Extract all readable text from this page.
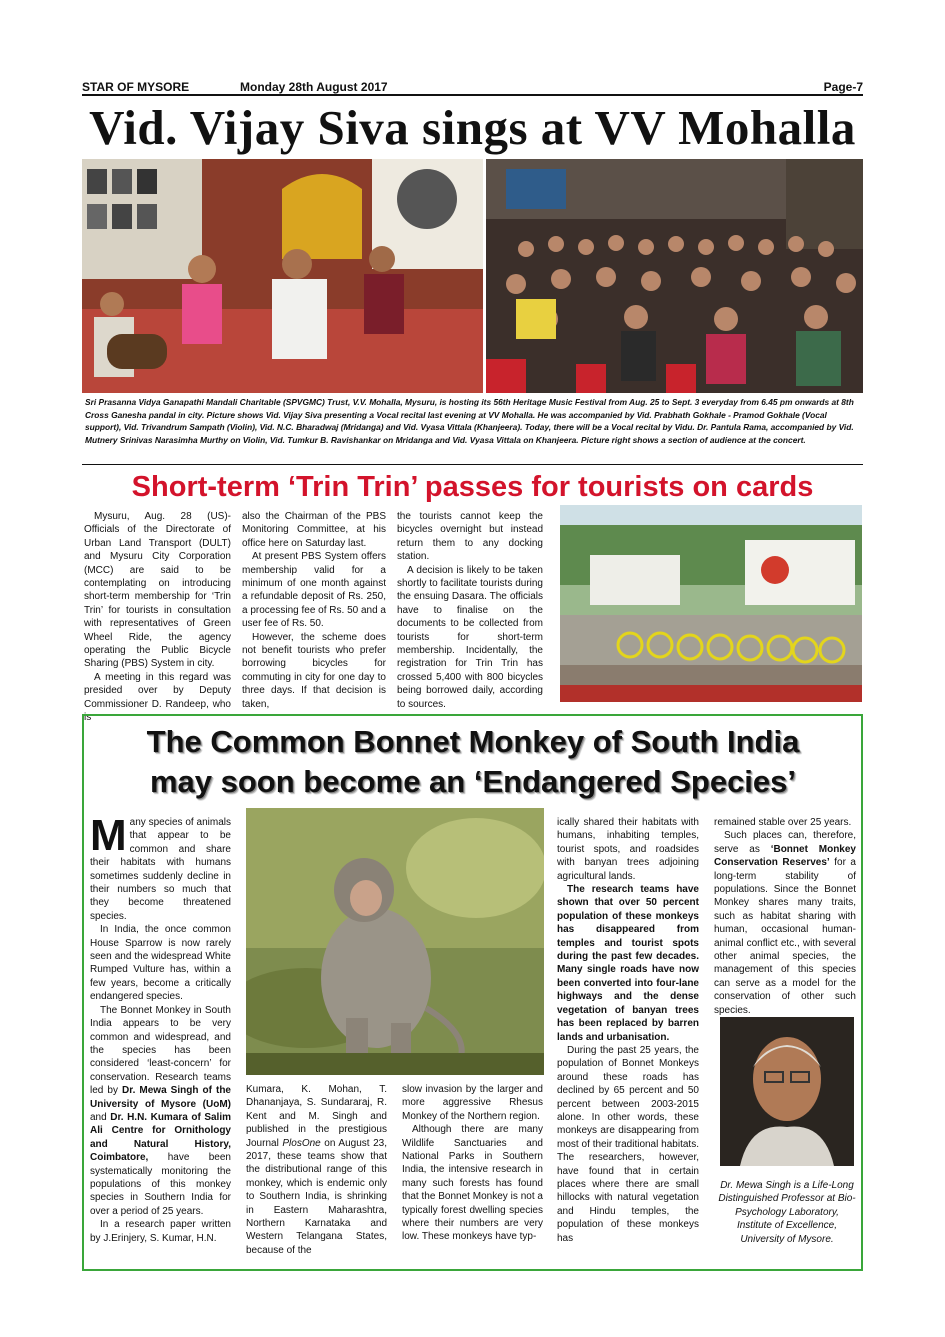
STAR OF MYSORE	Monday 28th August 2017	Page-7
Vid. Vijay Siva sings at VV Mohalla
Sri Prasanna Vidya Ganapathi Mandali Charitable (SPVGMC) Trust, V.V. Mohalla, Mysuru, is hosting its 56th Heritage Music Festival from Aug. 25 to Sept. 3 everyday from 6.45 pm onwards at 8th Cross Ganesha pandal in city. Picture shows Vid. Vijay Siva presenting a Vocal recital last evening at VV Mohalla. He was accompanied by Vid. Prabhath Gokhale - Pramod Gokhale (Vocal support), Vid. Trivandrum Sampath (Violin), Vid. N.C. Bharadwaj (Mridanga) and Vid. Vyasa Vittala (Khanjeera). Today, there will be a Vocal recital by Vidu. Dr. Pantula Rama, accompanied by Vid. Mutnery Srinivas Narasimha Murthy on Violin, Vid. Tumkur B. Ravishankar on Mridanga and Vid. Vyasa Vittala on Khanjeera. Picture right shows a section of audience at the concert.
Short-term ‘Trin Trin’ passes for tourists on cards

Mysuru, Aug. 28 (US)- Officials of the Directorate of Urban Land Transport (DULT) and Mysuru City Corporation (MCC) are said to be contemplating on introducing short-term membership for ‘Trin Trin’ for tourists in consultation with representatives of Green Wheel Ride, the agency operating the Public Bicycle Sharing (PBS) System in city.

A meeting in this regard was presided over by Deputy Commissioner D. Randeep, who is

also the Chairman of the PBS Monitoring Committee, at his office here on Saturday last.

At present PBS System offers membership valid for a minimum of one month against a refundable deposit of Rs. 250, a processing fee of Rs. 50 and a user fee of Rs. 50.

However, the scheme does not benefit tourists who prefer borrowing bicycles for commuting in city for one day to three days. If that decision is taken,

the tourists cannot keep the bicycles overnight but instead return them to any docking station.

A decision is likely to be taken shortly to facilitate tourists during the ensuing Dasara. The officials have to finalise on the documents to be collected from tourists for short-term membership. Incidentally, the registration for Trin Trin has crossed 5,400 with 800 bicycles being borrowed daily, according to sources.

The Common Bonnet Monkey of South India
may soon become an ‘Endangered Species’

Many species of animals that appear to be common and share their habitats with humans sometimes suddenly decline in their numbers so much that they become threatened species.

In India, the once common House Sparrow is now rarely seen and the widespread White Rumped Vulture has, within a few years, become a critically endangered species.

The Bonnet Monkey in South India appears to be very common and widespread, and the species has been considered ‘least-concern’ for conservation. Research teams led by Dr. Mewa Singh of the University of Mysore (UoM) and Dr. H.N. Kumara of Salim Ali Centre for Ornithology and Natural History, Coimbatore, have been systematically monitoring the populations of this monkey species in Southern India for over a period of 25 years.

In a research paper written by J.Erinjery, S. Kumar, H.N.

Kumara, K. Mohan, T. Dhananjaya, S. Sundararaj, R. Kent and M. Singh and published in the prestigious Journal PlosOne on August 23, 2017, these teams show that the distributional range of this monkey, which is endemic only to Southern India, is shrinking in Eastern Maharashtra, Northern Karnataka and Western Telangana States, because of the

slow invasion by the larger and more aggressive Rhesus Monkey of the Northern region.

Although there are many Wildlife Sanctuaries and National Parks in Southern India, the intensive research in many such forests has found that the Bonnet Monkey is not a typically forest dwelling species where their numbers are very low. These monkeys have typ-

ically shared their habitats with humans, inhabiting temples, tourist spots, and roadsides with banyan trees adjoining agricultural lands.

The research teams have shown that over 50 percent population of these monkeys has disappeared from temples and tourist spots during the past few decades. Many single roads have now been converted into four-lane highways and the dense vegetation of banyan trees has been replaced by barren lands and urbanisation.

During the past 25 years, the population of Bonnet Monkeys around these roads has declined by 65 percent and 50 percent between 2003-2015 alone. In other words, these monkeys are disappearing from most of their traditional habitats. The researchers, however, have found that in certain places where there are small hillocks with natural vegetation and Hindu temples, the population of these monkeys has

remained stable over 25 years.

Such places can, therefore, serve as ‘Bonnet Monkey Conservation Reserves’ for a long-term stability of populations. Since the Bonnet Monkey shares many traits, such as habitat sharing with human, occasional human-animal conflict etc., with several other animal species, the management of this species can serve as a model for the conservation of other such species.

Dr. Mewa Singh is a Life-Long Distinguished Professor at Bio-Psychology Laboratory, Institute of Excellence, University of Mysore.
